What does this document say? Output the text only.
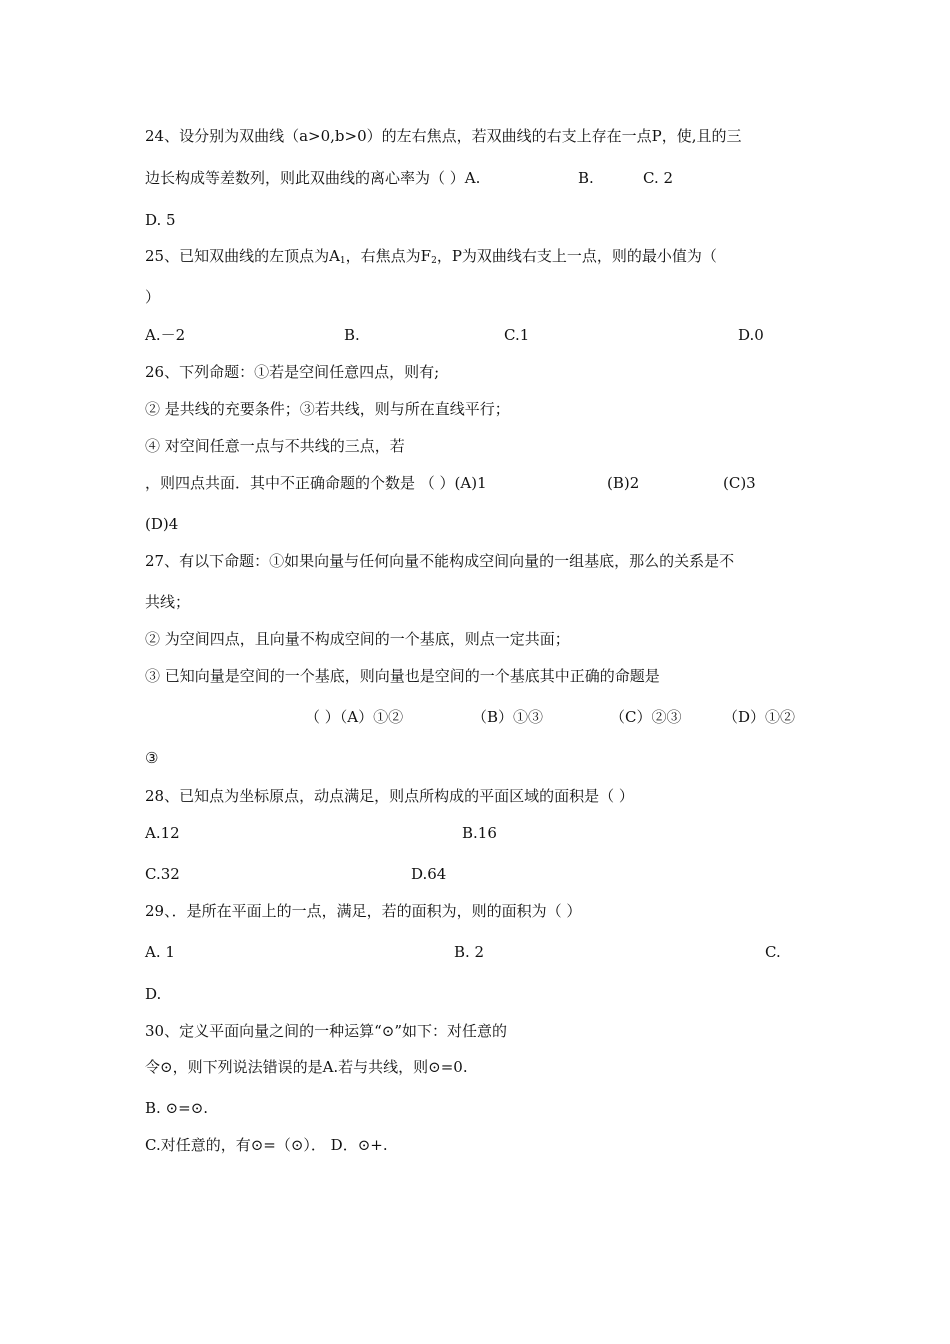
24、设分别为双曲线（a>0,b>0）的左右焦点，若双曲线的右支上存在一点P，使,且的三
边长构成等差数列，则此双曲线的离心率为（ ）A.	B.	C. 2
D. 5
25、已知双曲线的左顶点为$A_1$，右焦点为$F_2$，P为双曲线右支上一点，则的最小值为（
）
A.－2	B.	C.1	D.0
26、下列命题：①若是空间任意四点，则有;
② 是共线的充要条件；③若共线，则与所在直线平行；
④ 对空间任意一点与不共线的三点，若
，则四点共面．其中不正确命题的个数是 （ ）(A)1	(B)2	(C)3
(D)4
27、有以下命题：①如果向量与任何向量不能构成空间向量的一组基底，那么的关系是不
共线；
② 为空间四点，且向量不构成空间的一个基底，则点一定共面；
③ 已知向量是空间的一个基底，则向量也是空间的一个基底其中正确的命题是
（ ）（A）①②	（B）①③	（C）②③	（D）①②
③
28、已知点为坐标原点，动点满足，则点所构成的平面区域的面积是（ ）
A.12	B.16
C.32	D.64
29、．是所在平面上的一点，满足，若的面积为，则的面积为（ ）
A. 1	B. 2	C.
D.
30、定义平面向量之间的一种运算“⊙”如下：对任意的
令⊙，则下列说法错误的是A.若与共线，则⊙=0.
B. ⊙=⊙.
C.对任意的，有⊙=（⊙）． D．⊙+.
